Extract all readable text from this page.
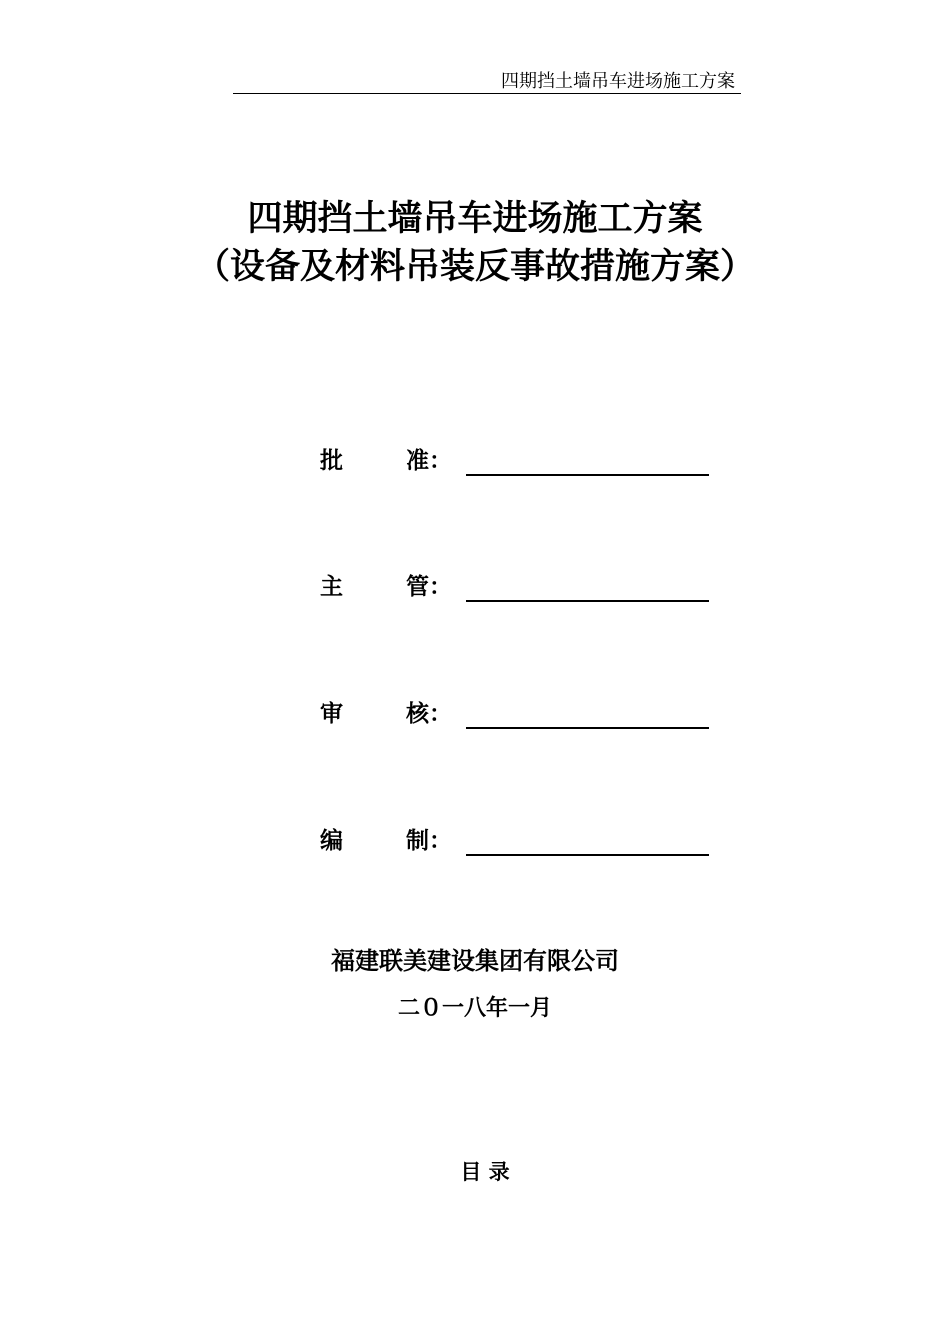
四期挡土墙吊车进场施工方案
四期挡土墙吊车进场施工方案
（设备及材料吊装反事故措施方案）
批	准：
主	管：
审	核：
编	制：
福建联美建设集团有限公司
二０一八年一月
目 录
